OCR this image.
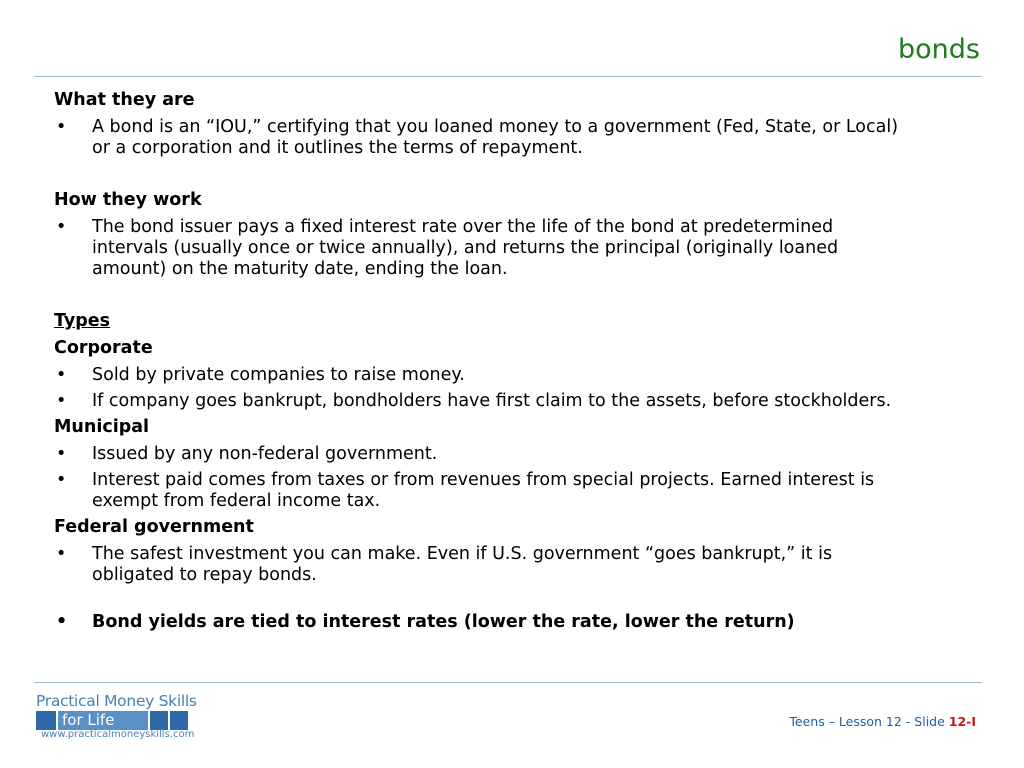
bonds

What they are

• A bond is an “IOU,” certifying that you loaned money to a government (Fed, State, or Local) or a corporation and it outlines the terms of repayment.

How they work

• The bond issuer pays a fixed interest rate over the life of the bond at predetermined intervals (usually once or twice annually), and returns the principal (originally loaned amount) on the maturity date, ending the loan.

Types

Corporate

• Sold by private companies to raise money.
• If company goes bankrupt, bondholders have first claim to the assets, before stockholders.

Municipal

• Issued by any non-federal government.
• Interest paid comes from taxes or from revenues from special projects. Earned interest is exempt from federal income tax.

Federal government

• The safest investment you can make. Even if U.S. government “goes bankrupt,” it is obligated to repay bonds.
• Bond yields are tied to interest rates (lower the rate, lower the return)
Practical Money Skills
for Life
www.practicalmoneyskills.com
Teens – Lesson 12 - Slide 12-I
